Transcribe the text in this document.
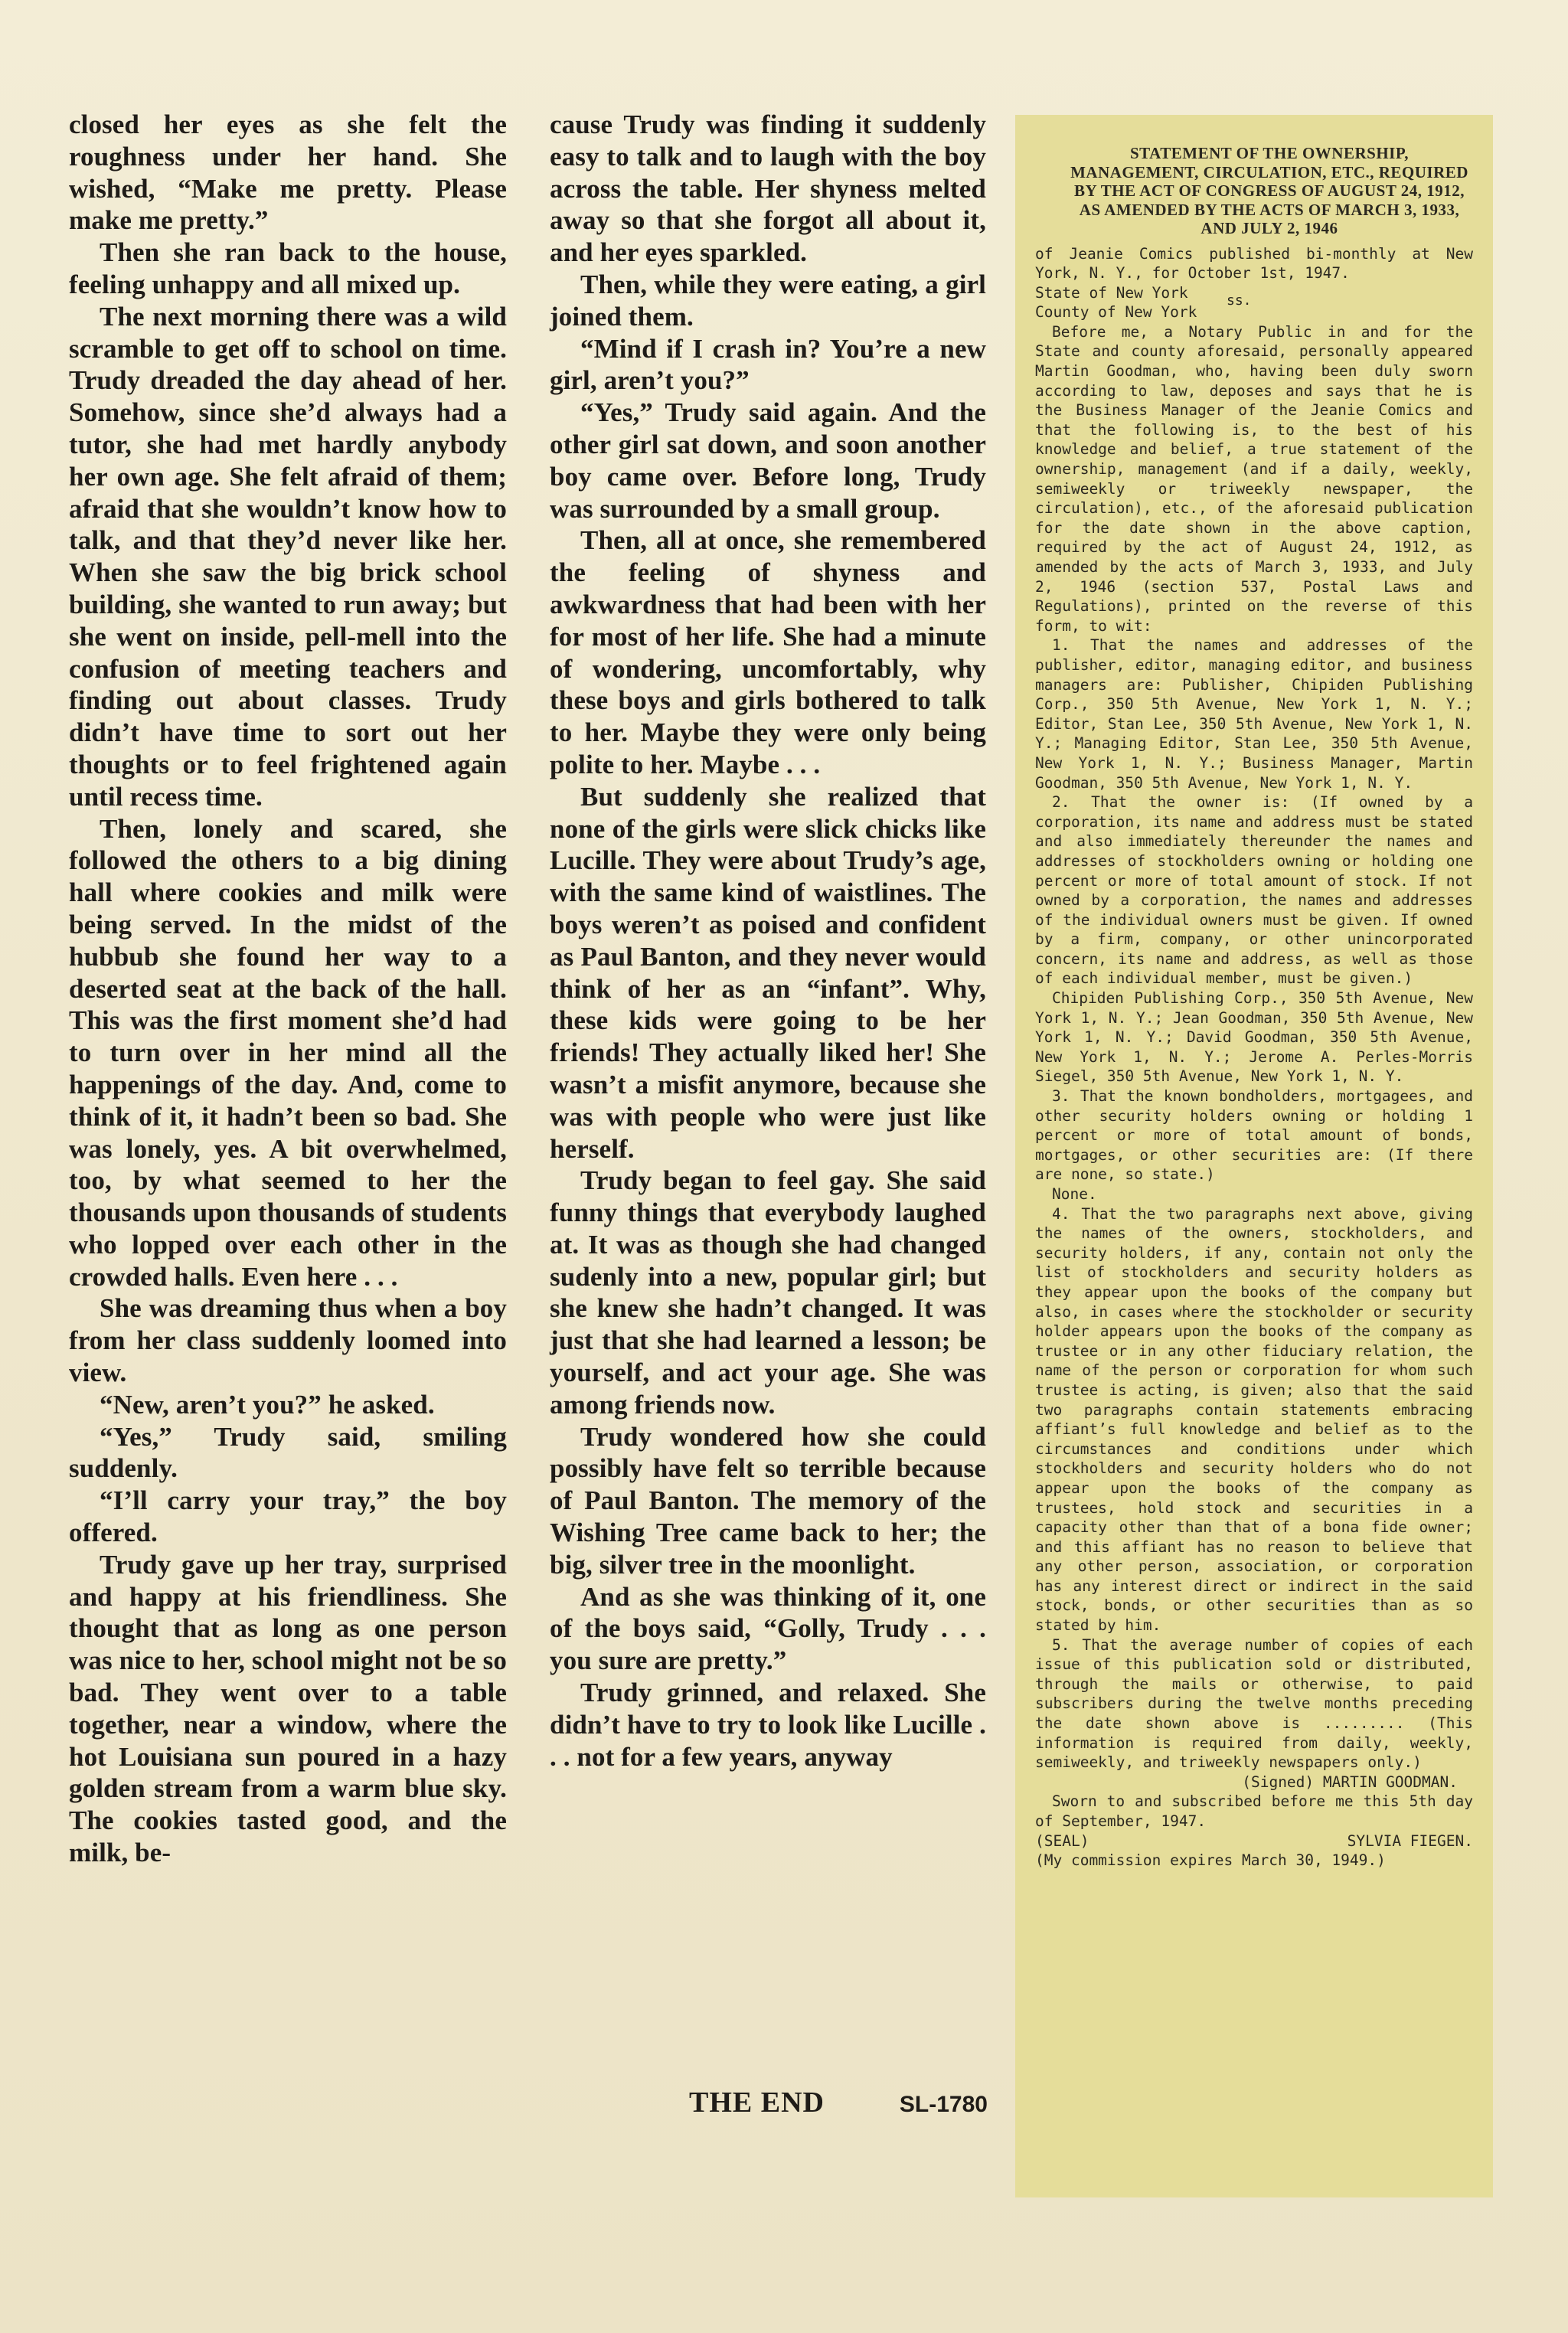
closed her eyes as she felt the roughness under her hand. She wished, “Make me pretty. Please make me pretty.”

Then she ran back to the house, feeling unhappy and all mixed up.

The next morning there was a wild scramble to get off to school on time. Trudy dreaded the day ahead of her. Somehow, since she’d always had a tutor, she had met hardly anybody her own age. She felt afraid of them; afraid that she wouldn’t know how to talk, and that they’d never like her. When she saw the big brick school building, she wanted to run away; but she went on inside, pell-mell into the confusion of meeting teachers and finding out about classes. Trudy didn’t have time to sort out her thoughts or to feel frightened again until recess time.

Then, lonely and scared, she followed the others to a big dining hall where cookies and milk were being served. In the midst of the hubbub she found her way to a deserted seat at the back of the hall. This was the first moment she’d had to turn over in her mind all the happenings of the day. And, come to think of it, it hadn’t been so bad. She was lonely, yes. A bit overwhelmed, too, by what seemed to her the thousands upon thousands of students who lopped over each other in the crowded halls. Even here . . .

She was dreaming thus when a boy from her class suddenly loomed into view.

“New, aren’t you?” he asked.

“Yes,” Trudy said, smiling suddenly.

“I’ll carry your tray,” the boy offered.

Trudy gave up her tray, surprised and happy at his friendliness. She thought that as long as one person was nice to her, school might not be so bad. They went over to a table together, near a window, where the hot Louisiana sun poured in a hazy golden stream from a warm blue sky. The cookies tasted good, and the milk, be-

cause Trudy was finding it suddenly easy to talk and to laugh with the boy across the table. Her shyness melted away so that she forgot all about it, and her eyes sparkled.

Then, while they were eating, a girl joined them.

“Mind if I crash in? You’re a new girl, aren’t you?”

“Yes,” Trudy said again. And the other girl sat down, and soon another boy came over. Before long, Trudy was surrounded by a small group.

Then, all at once, she remembered the feeling of shyness and awkwardness that had been with her for most of her life. She had a minute of wondering, uncomfortably, why these boys and girls bothered to talk to her. Maybe they were only being polite to her. Maybe . . .

But suddenly she realized that none of the girls were slick chicks like Lucille. They were about Trudy’s age, with the same kind of waistlines. The boys weren’t as poised and confident as Paul Banton, and they never would think of her as an “infant”. Why, these kids were going to be her friends! They actually liked her! She wasn’t a misfit anymore, because she was with people who were just like herself.

Trudy began to feel gay. She said funny things that everybody laughed at. It was as though she had changed sudenly into a new, popular girl; but she knew she hadn’t changed. It was just that she had learned a lesson; be yourself, and act your age. She was among friends now.

Trudy wondered how she could possibly have felt so terrible because of Paul Banton. The memory of the Wishing Tree came back to her; the big, silver tree in the moonlight.

And as she was thinking of it, one of the boys said, “Golly, Trudy . . . you sure are pretty.”

Trudy grinned, and relaxed. She didn’t have to try to look like Lucille . . . not for a few years, anyway

THE END	SL-1780
STATEMENT OF THE OWNERSHIP, MANAGEMENT, CIRCULATION, ETC., REQUIRED BY THE ACT OF CONGRESS OF AUGUST 24, 1912, AS AMENDED BY THE ACTS OF MARCH 3, 1933, AND JULY 2, 1946

of Jeanie Comics published bi-monthly at New York, N. Y., for October 1st, 1947.

State of New York
County of New York
ss.

Before me, a Notary Public in and for the State and county aforesaid, personally appeared Martin Goodman, who, having been duly sworn according to law, deposes and says that he is the Business Manager of the Jeanie Comics and that the following is, to the best of his knowledge and belief, a true statement of the ownership, management (and if a daily, weekly, semiweekly or triweekly newspaper, the circulation), etc., of the aforesaid publication for the date shown in the above caption, required by the act of August 24, 1912, as amended by the acts of March 3, 1933, and July 2, 1946 (section 537, Postal Laws and Regulations), printed on the reverse of this form, to wit:

1. That the names and addresses of the publisher, editor, managing editor, and business managers are: Publisher, Chipiden Publishing Corp., 350 5th Avenue, New York 1, N. Y.; Editor, Stan Lee, 350 5th Avenue, New York 1, N. Y.; Managing Editor, Stan Lee, 350 5th Avenue, New York 1, N. Y.; Business Manager, Martin Goodman, 350 5th Avenue, New York 1, N. Y.

2. That the owner is: (If owned by a corporation, its name and address must be stated and also immediately thereunder the names and addresses of stockholders owning or holding one percent or more of total amount of stock. If not owned by a corporation, the names and addresses of the individual owners must be given. If owned by a firm, company, or other unincorporated concern, its name and address, as well as those of each individual member, must be given.)

Chipiden Publishing Corp., 350 5th Avenue, New York 1, N. Y.; Jean Goodman, 350 5th Avenue, New York 1, N. Y.; David Goodman, 350 5th Avenue, New York 1, N. Y.; Jerome A. Perles-Morris Siegel, 350 5th Avenue, New York 1, N. Y.

3. That the known bondholders, mortgagees, and other security holders owning or holding 1 percent or more of total amount of bonds, mortgages, or other securities are: (If there are none, so state.)

None.

4. That the two paragraphs next above, giving the names of the owners, stockholders, and security holders, if any, contain not only the list of stockholders and security holders as they appear upon the books of the company but also, in cases where the stockholder or security holder appears upon the books of the company as trustee or in any other fiduciary relation, the name of the person or corporation for whom such trustee is acting, is given; also that the said two paragraphs contain statements embracing affiant’s full knowledge and belief as to the circumstances and conditions under which stockholders and security holders who do not appear upon the books of the company as trustees, hold stock and securities in a capacity other than that of a bona fide owner; and this affiant has no reason to believe that any other person, association, or corporation has any interest direct or indirect in the said stock, bonds, or other securities than as so stated by him.

5. That the average number of copies of each issue of this publication sold or distributed, through the mails or otherwise, to paid subscribers during the twelve months preceding the date shown above is ......... (This information is required from daily, weekly, semiweekly, and triweekly newspapers only.)

(Signed) MARTIN GOODMAN.

Sworn to and subscribed before me this 5th day of September, 1947.

(SEAL)	SYLVIA FIEGEN.
(My commission expires March 30, 1949.)
